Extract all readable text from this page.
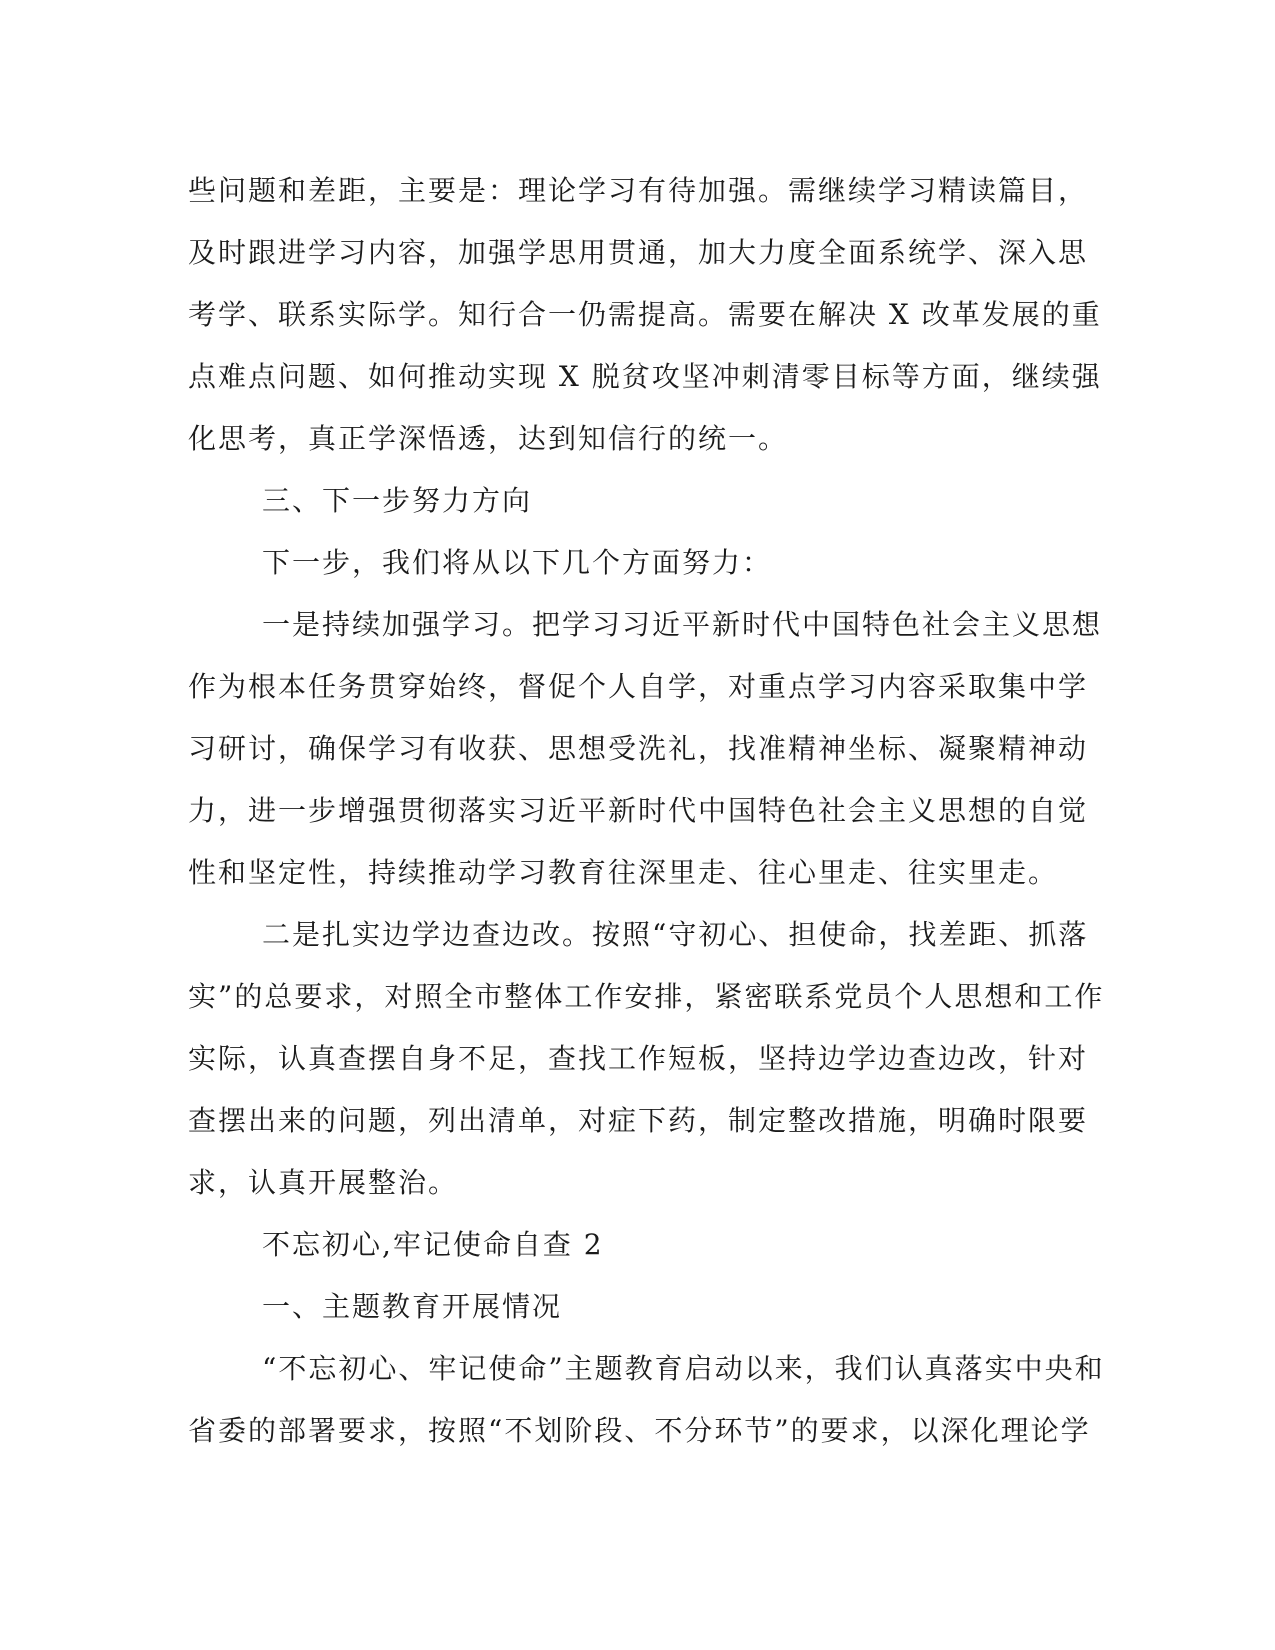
些问题和差距，主要是：理论学习有待加强。需继续学习精读篇目，
及时跟进学习内容，加强学思用贯通，加大力度全面系统学、深入思
考学、联系实际学。知行合一仍需提高。需要在解决 X 改革发展的重
点难点问题、如何推动实现 X 脱贫攻坚冲刺清零目标等方面，继续强
化思考，真正学深悟透，达到知信行的统一。
三、下一步努力方向
下一步，我们将从以下几个方面努力：
一是持续加强学习。把学习习近平新时代中国特色社会主义思想
作为根本任务贯穿始终，督促个人自学，对重点学习内容采取集中学
习研讨，确保学习有收获、思想受洗礼，找准精神坐标、凝聚精神动
力，进一步增强贯彻落实习近平新时代中国特色社会主义思想的自觉
性和坚定性，持续推动学习教育往深里走、往心里走、往实里走。
二是扎实边学边查边改。按照“守初心、担使命，找差距、抓落
实”的总要求，对照全市整体工作安排，紧密联系党员个人思想和工作
实际，认真查摆自身不足，查找工作短板，坚持边学边查边改，针对
查摆出来的问题，列出清单，对症下药，制定整改措施，明确时限要
求，认真开展整治。
不忘初心,牢记使命自查 2
一、主题教育开展情况
“不忘初心、牢记使命”主题教育启动以来，我们认真落实中央和
省委的部署要求，按照“不划阶段、不分环节”的要求，以深化理论学
